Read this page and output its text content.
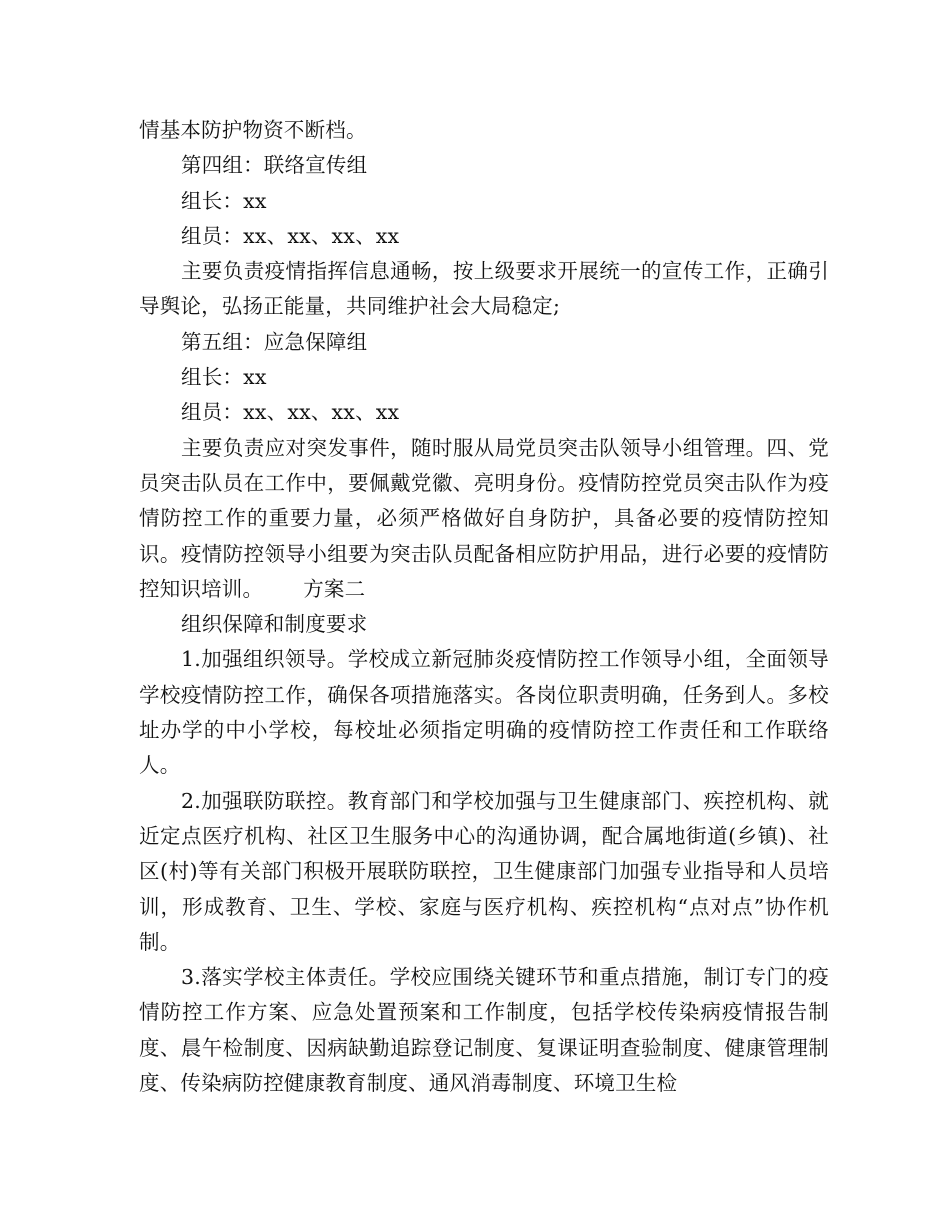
情基本防护物资不断档。

第四组：联络宣传组

组长：xx

组员：xx、xx、xx、xx

主要负责疫情指挥信息通畅，按上级要求开展统一的宣传工作，正确引导舆论，弘扬正能量，共同维护社会大局稳定;

第五组：应急保障组

组长：xx

组员：xx、xx、xx、xx

主要负责应对突发事件，随时服从局党员突击队领导小组管理。四、党员突击队员在工作中，要佩戴党徽、亮明身份。疫情防控党员突击队作为疫情防控工作的重要力量，必须严格做好自身防护，具备必要的疫情防控知识。疫情防控领导小组要为突击队员配备相应防护用品，进行必要的疫情防控知识培训。 方案二

组织保障和制度要求

1.加强组织领导。学校成立新冠肺炎疫情防控工作领导小组，全面领导学校疫情防控工作，确保各项措施落实。各岗位职责明确，任务到人。多校址办学的中小学校，每校址必须指定明确的疫情防控工作责任和工作联络人。

2.加强联防联控。教育部门和学校加强与卫生健康部门、疾控机构、就近定点医疗机构、社区卫生服务中心的沟通协调，配合属地街道(乡镇)、社区(村)等有关部门积极开展联防联控，卫生健康部门加强专业指导和人员培训，形成教育、卫生、学校、家庭与医疗机构、疾控机构“点对点”协作机制。

3.落实学校主体责任。学校应围绕关键环节和重点措施，制订专门的疫情防控工作方案、应急处置预案和工作制度，包括学校传染病疫情报告制度、晨午检制度、因病缺勤追踪登记制度、复课证明查验制度、健康管理制度、传染病防控健康教育制度、通风消毒制度、环境卫生检
